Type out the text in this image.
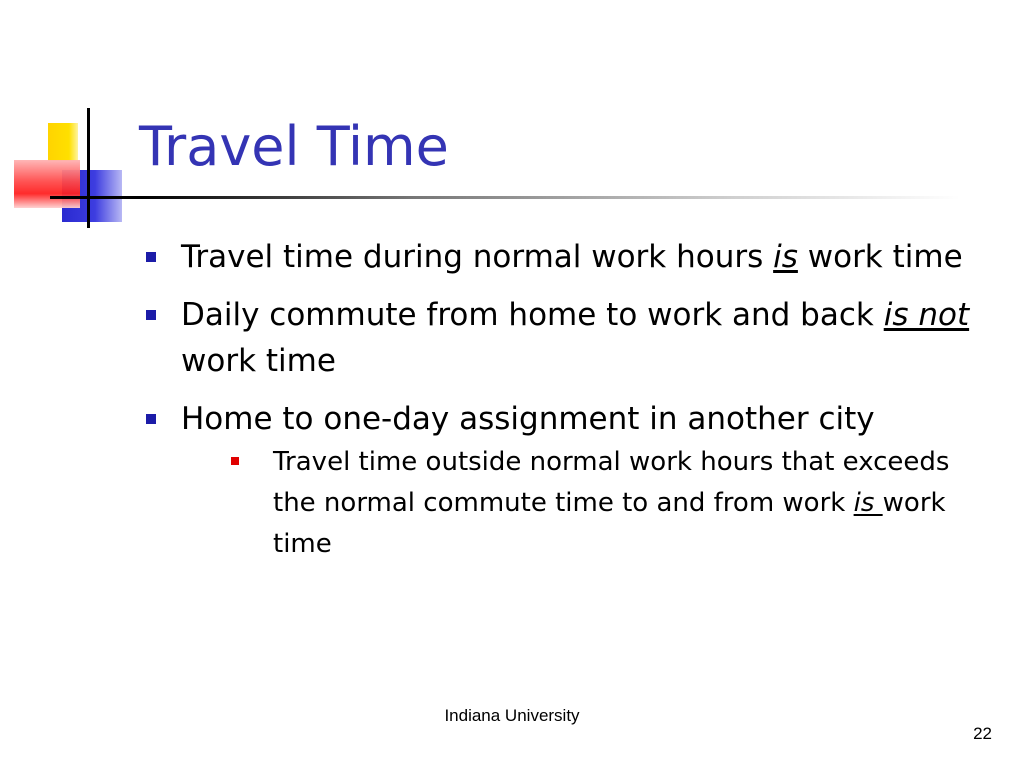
Travel Time
Travel time during normal work hours is work time
Daily commute from home to work and back is not work time
Home to one-day assignment in another city
Travel time outside normal work hours that exceeds the normal commute time to and from work is work time
Indiana University
22
